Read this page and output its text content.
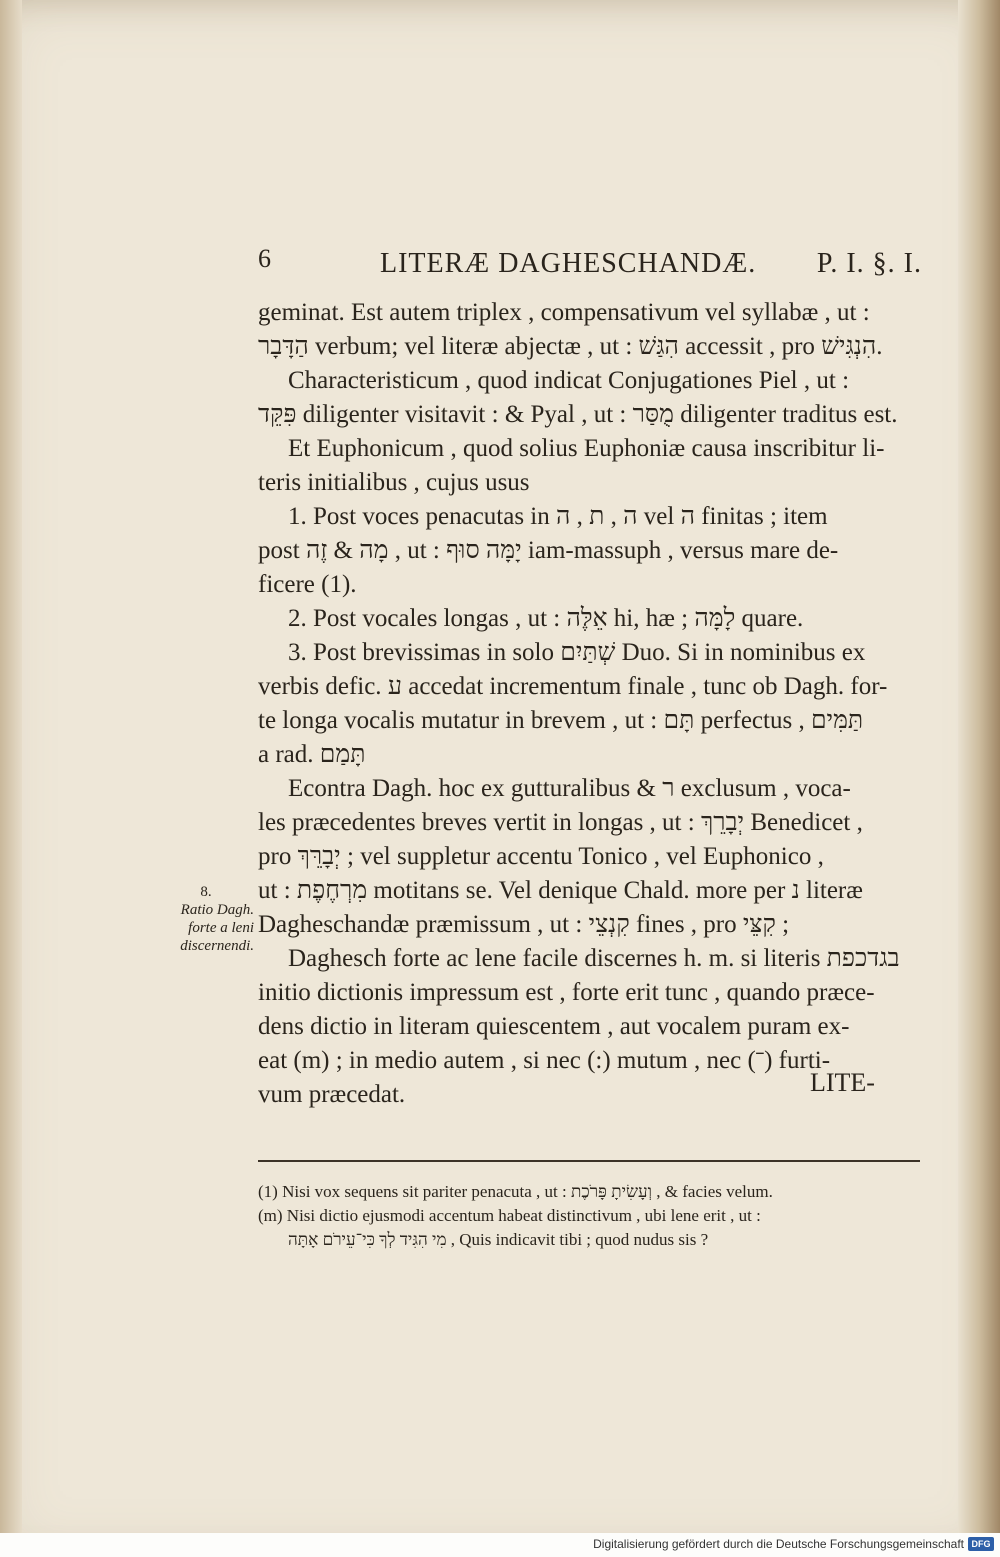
6	LITERÆ DAGHESCHANDÆ. P. I. §. I.
geminat. Est autem triplex , compensativum vel syllabæ , ut :
הַדָּבָר verbum; vel literæ abjectæ , ut : הִגַּשׁ accessit , pro הִנְגִּישׁ.
Characteristicum , quod indicat Conjugationes Piel , ut :
פִּקֵּד diligenter visitavit : & Pyal , ut : מֻסַּר diligenter traditus est.
Et Euphonicum , quod solius Euphoniæ causa inscribitur li-
teris initialibus , cujus usus
1. Post voces penacutas in ה , ת , ה vel ה finitas ; item
post מָה & זֶה , ut : יָמָּה סוּף iam-massuph , versus mare de-
ficere (1).
2. Post vocales longas , ut : אֵלֶּה hi, hæ ; לָמָּה quare.
3. Post brevissimas in solo שְׁתַּיִם Duo. Si in nominibus ex
verbis defic. ע accedat incrementum finale , tunc ob Dagh. for-
te longa vocalis mutatur in brevem , ut : תָּם perfectus , תַּמִּים
a rad. תָּמַם
Econtra Dagh. hoc ex gutturalibus & ר exclusum , voca-
les præcedentes breves vertit in longas , ut : יְבָרֵךְ Benedicet ,
pro יְבָרֵּךְ ; vel suppletur accentu Tonico , vel Euphonico ,
ut : מִרְחֶפֶת motitans se. Vel denique Chald. more per נ literæ
Dagheschandæ præmissum , ut : קִנְצֵי fines , pro קִצֵּי ;
Daghesch forte ac lene facile discernes h. m. si literis בגדכפת
initio dictionis impressum est , forte erit tunc , quando præce-
dens dictio in literam quiescentem , aut vocalem puram ex-
eat (m) ; in medio autem , si nec (:) mutum , nec (ˉ) furti-
vum præcedat.
8.
Ratio Dagh.
forte a leni
discernendi.
LITE-
(1) Nisi vox sequens sit pariter penacuta , ut : וְעָשִׂיתָ פָּרֹכֶת , & facies velum.
(m) Nisi dictio ejusmodi accentum habeat distinctivum , ubi lene erit , ut :
מִי הִגִּיד לְךָ כִּי־עֵירֹם אָתָּה , Quis indicavit tibi ; quod nudus sis ?
Digitalisierung gefördert durch die Deutsche Forschungsgemeinschaft DFG
